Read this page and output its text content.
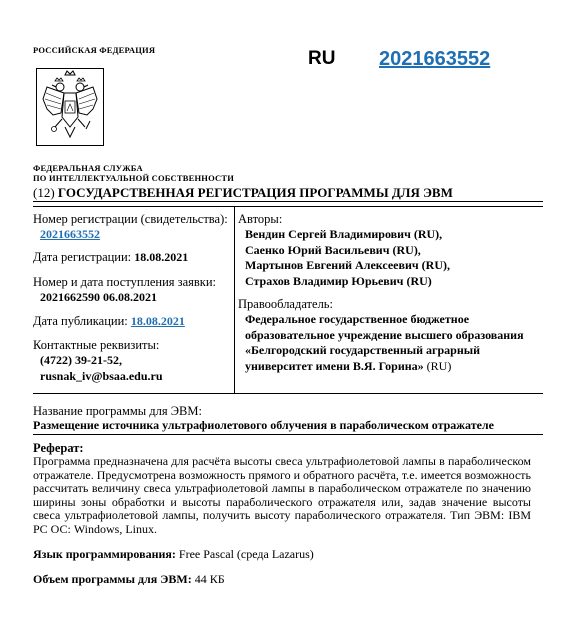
РОССИЙСКАЯ ФЕДЕРАЦИЯ	RU 2021663552
ФЕДЕРАЛЬНАЯ СЛУЖБА
ПО ИНТЕЛЛЕКТУАЛЬНОЙ СОБСТВЕННОСТИ
(12) ГОСУДАРСТВЕННАЯ РЕГИСТРАЦИЯ ПРОГРАММЫ ДЛЯ ЭВМ
Номер регистрации (свидетельства):
2021663552
Дата регистрации: 18.08.2021
Номер и дата поступления заявки:
2021662590 06.08.2021
Дата публикации: 18.08.2021
Контактные реквизиты:
(4722) 39-21-52,
rusnak_iv@bsaa.edu.ru
Авторы:
Вендин Сергей Владимирович (RU),
Саенко Юрий Васильевич (RU),
Мартынов Евгений Алексеевич (RU),
Страхов Владимир Юрьевич (RU)
Правообладатель:
Федеральное государственное бюджетное
образовательное учреждение высшего образования
«Белгородский государственный аграрный
университет имени В.Я. Горина» (RU)
Название программы для ЭВМ:
Размещение источника ультрафиолетового облучения в параболическом отражателе
Реферат:
Программа предназначена для расчёта высоты свеса ультрафиолетовой лампы в параболическом отражателе. Предусмотрена возможность прямого и обратного расчёта, т.е. имеется возможность рассчитать величину свеса ультрафиолетовой лампы в параболическом отражателе по значению ширины зоны обработки и высоты параболического отражателя или, задав значение высоты свеса ультрафиолетовой лампы, получить высоту параболического отражателя. Тип ЭВМ: IBM PC ОС: Windows, Linux.
Язык программирования: Free Pascal (среда Lazarus)
Объем программы для ЭВМ: 44 КБ
